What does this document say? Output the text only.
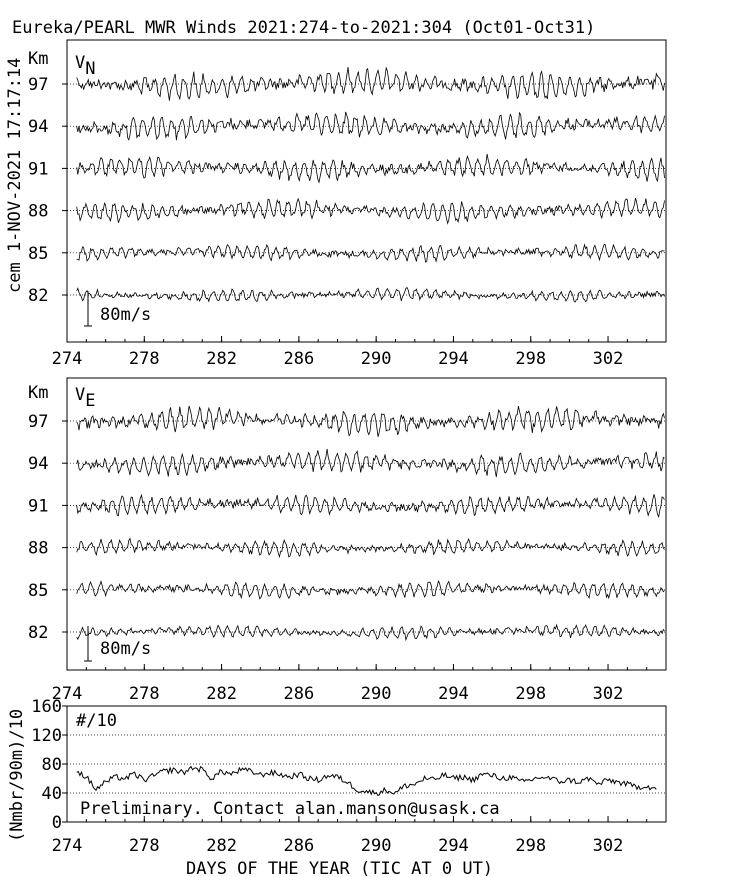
Eureka/PEARL MWR Winds 2021:274-to-2021:304 (Oct01-Oct31)
cem 1-NOV-2021 17:17:14 Km VN
97
94
91
88
85
82
274	278	282	286	290	294	298	302
80m/s
Km VE
97
94
91
88
85
82
274	278	282	286	290	294	298	302
80m/s
(Nmbr/90m)/10	#/10
0
40
80
120
160
274	278	282	286	290	294	298	302
Preliminary. Contact alan.manson@usask.ca
DAYS OF THE YEAR (TIC AT 0 UT)
